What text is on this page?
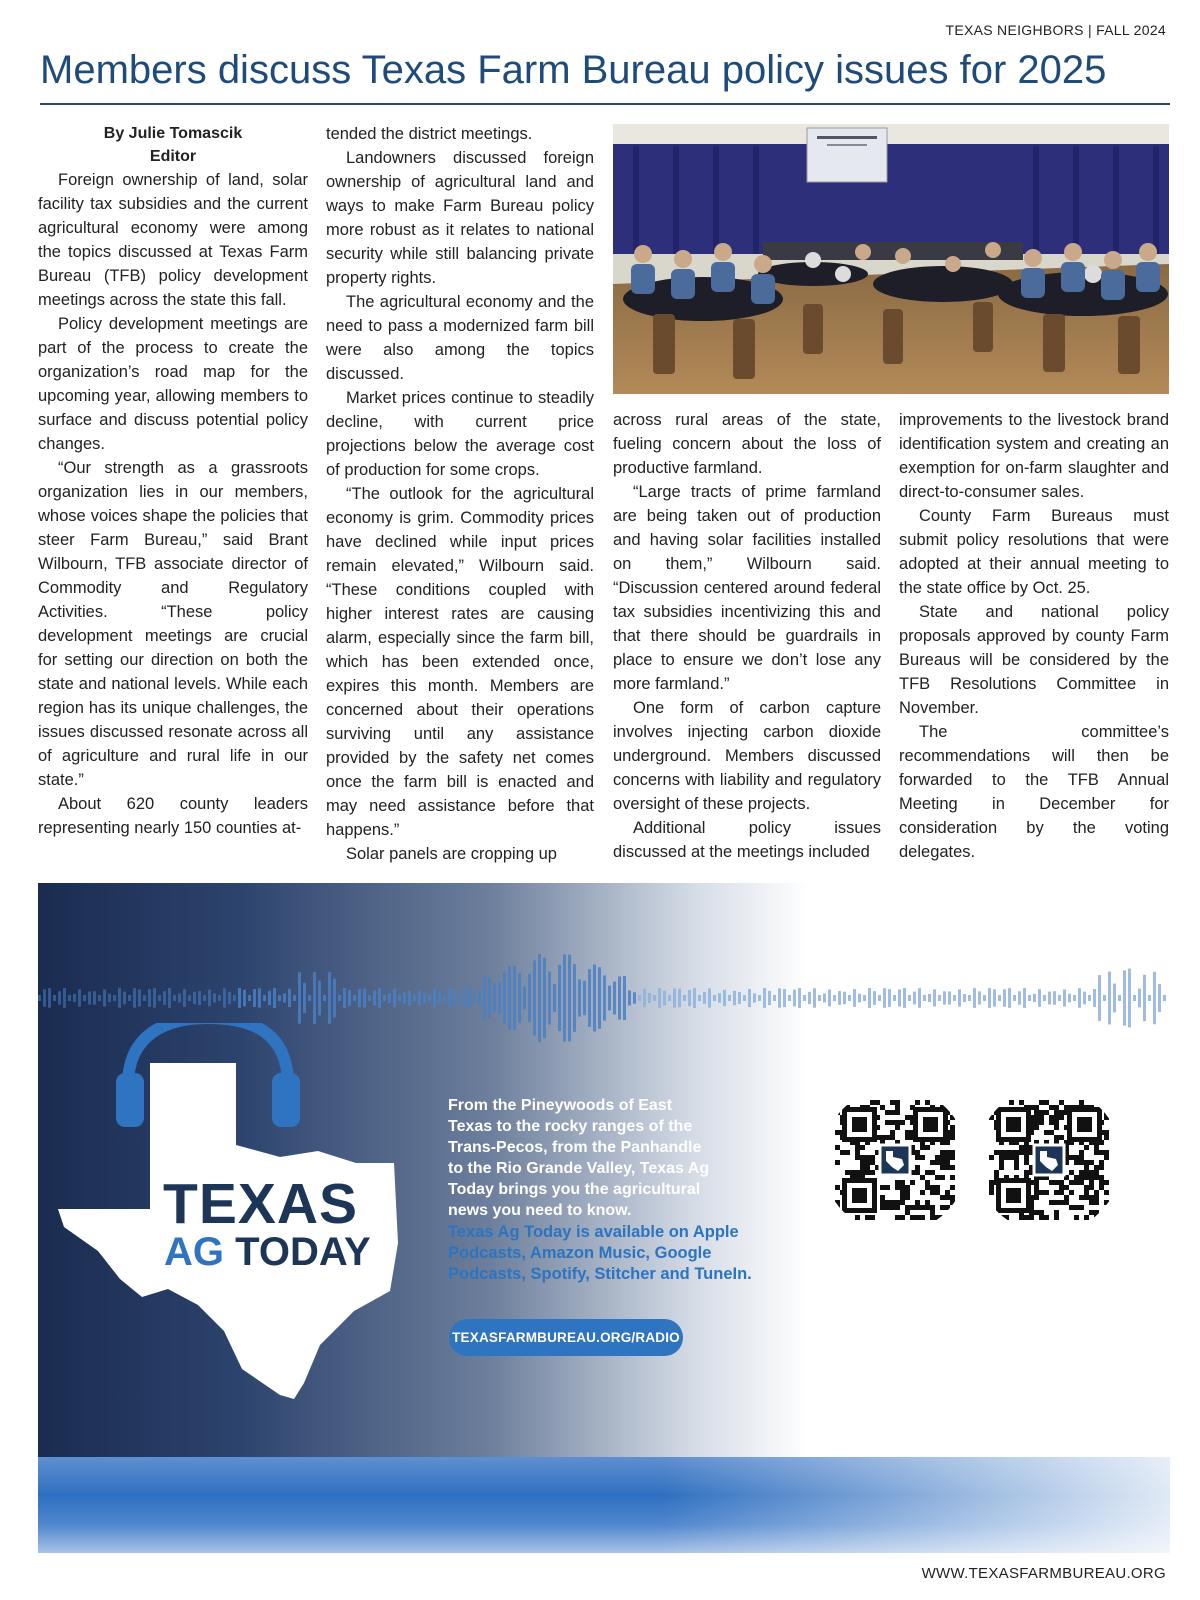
TEXAS NEIGHBORS | FALL 2024
Members discuss Texas Farm Bureau policy issues for 2025
By Julie Tomascik
Editor

Foreign ownership of land, solar facility tax subsidies and the current agricultural economy were among the topics discussed at Texas Farm Bureau (TFB) policy development meetings across the state this fall.

Policy development meetings are part of the process to create the organization’s road map for the upcoming year, allowing members to surface and discuss potential policy changes.

“Our strength as a grassroots organization lies in our members, whose voices shape the policies that steer Farm Bureau,” said Brant Wilbourn, TFB associate director of Commodity and Regulatory Activities. “These policy development meetings are crucial for setting our direction on both the state and national levels. While each region has its unique challenges, the issues discussed resonate across all of agriculture and rural life in our state.”

About 620 county leaders representing nearly 150 counties at-

tended the district meetings.

Landowners discussed foreign ownership of agricultural land and ways to make Farm Bureau policy more robust as it relates to national security while still balancing private property rights.

The agricultural economy and the need to pass a modernized farm bill were also among the topics discussed.

Market prices continue to steadily decline, with current price projections below the average cost of production for some crops.

“The outlook for the agricultural economy is grim. Commodity prices have declined while input prices remain elevated,” Wilbourn said. “These conditions coupled with higher interest rates are causing alarm, especially since the farm bill, which has been extended once, expires this month. Members are concerned about their operations surviving until any assistance provided by the safety net comes once the farm bill is enacted and may need assistance before that happens.”

Solar panels are cropping up

across rural areas of the state, fueling concern about the loss of productive farmland.

“Large tracts of prime farmland are being taken out of production and having solar facilities installed on them,” Wilbourn said. “Discussion centered around federal tax subsidies incentivizing this and that there should be guardrails in place to ensure we don’t lose any more farmland.”

One form of carbon capture involves injecting carbon dioxide underground. Members discussed concerns with liability and regulatory oversight of these projects.

Additional policy issues discussed at the meetings included

improvements to the livestock brand identification system and creating an exemption for on-farm slaughter and direct-to-consumer sales.

County Farm Bureaus must submit policy resolutions that were adopted at their annual meeting to the state office by Oct. 25.

State and national policy proposals approved by county Farm Bureaus will be considered by the TFB Resolutions Committee in November.

The committee’s recommendations will then be forwarded to the TFB Annual Meeting in December for consideration by the voting delegates.

TEXAS
AG TODAY
From the Pineywoods of East Texas to the rocky ranges of the Trans-Pecos, from the Panhandle to the Rio Grande Valley, Texas Ag Today brings you the agricultural news you need to know.
Texas Ag Today is available on Apple Podcasts, Amazon Music, Google Podcasts, Spotify, Stitcher and TuneIn.
TEXASFARMBUREAU.ORG/RADIO
WWW.TEXASFARMBUREAU.ORG
